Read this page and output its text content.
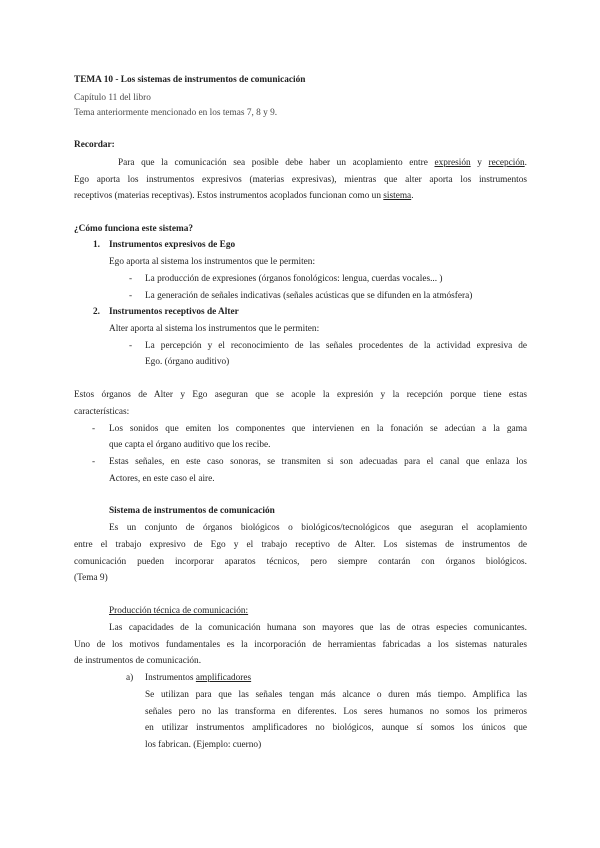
TEMA 10 - Los sistemas de instrumentos de comunicación
Capítulo 11 del libro
Tema anteriormente mencionado en los temas 7, 8 y 9.
Recordar:
Para que la comunicación sea posible debe haber un acoplamiento entre expresión y recepción.
Ego aporta los instrumentos expresivos (materias expresivas), mientras que alter aporta los instrumentos
receptivos (materias receptivas). Estos instrumentos acoplados funcionan como un sistema.
¿Cómo funciona este sistema?
1. Instrumentos expresivos de Ego
Ego aporta al sistema los instrumentos que le permiten:
- La producción de expresiones (órganos fonológicos: lengua, cuerdas vocales... )
- La generación de señales indicativas (señales acústicas que se difunden en la atmósfera)
2. Instrumentos receptivos de Alter
Alter aporta al sistema los instrumentos que le permiten:
- La percepción y el reconocimiento de las señales procedentes de la actividad expresiva de
Ego. (órgano auditivo)
Estos órganos de Alter y Ego aseguran que se acople la expresión y la recepción porque tiene estas
características:
- Los sonidos que emiten los componentes que intervienen en la fonación se adecúan a la gama
que capta el órgano auditivo que los recibe.
- Estas señales, en este caso sonoras, se transmiten si son adecuadas para el canal que enlaza los
Actores, en este caso el aire.
Sistema de instrumentos de comunicación
Es un conjunto de órganos biológicos o biológicos/tecnológicos que aseguran el acoplamiento
entre el trabajo expresivo de Ego y el trabajo receptivo de Alter. Los sistemas de instrumentos de
comunicación pueden incorporar aparatos técnicos, pero siempre contarán con órganos biológicos.
(Tema 9)
Producción técnica de comunicación:
Las capacidades de la comunicación humana son mayores que las de otras especies comunicantes.
Uno de los motivos fundamentales es la incorporación de herramientas fabricadas a los sistemas naturales
de instrumentos de comunicación.
a) Instrumentos amplificadores
Se utilizan para que las señales tengan más alcance o duren más tiempo. Amplifica las
señales pero no las transforma en diferentes. Los seres humanos no somos los primeros
en utilizar instrumentos amplificadores no biológicos, aunque sí somos los únicos que
los fabrican. (Ejemplo: cuerno)
